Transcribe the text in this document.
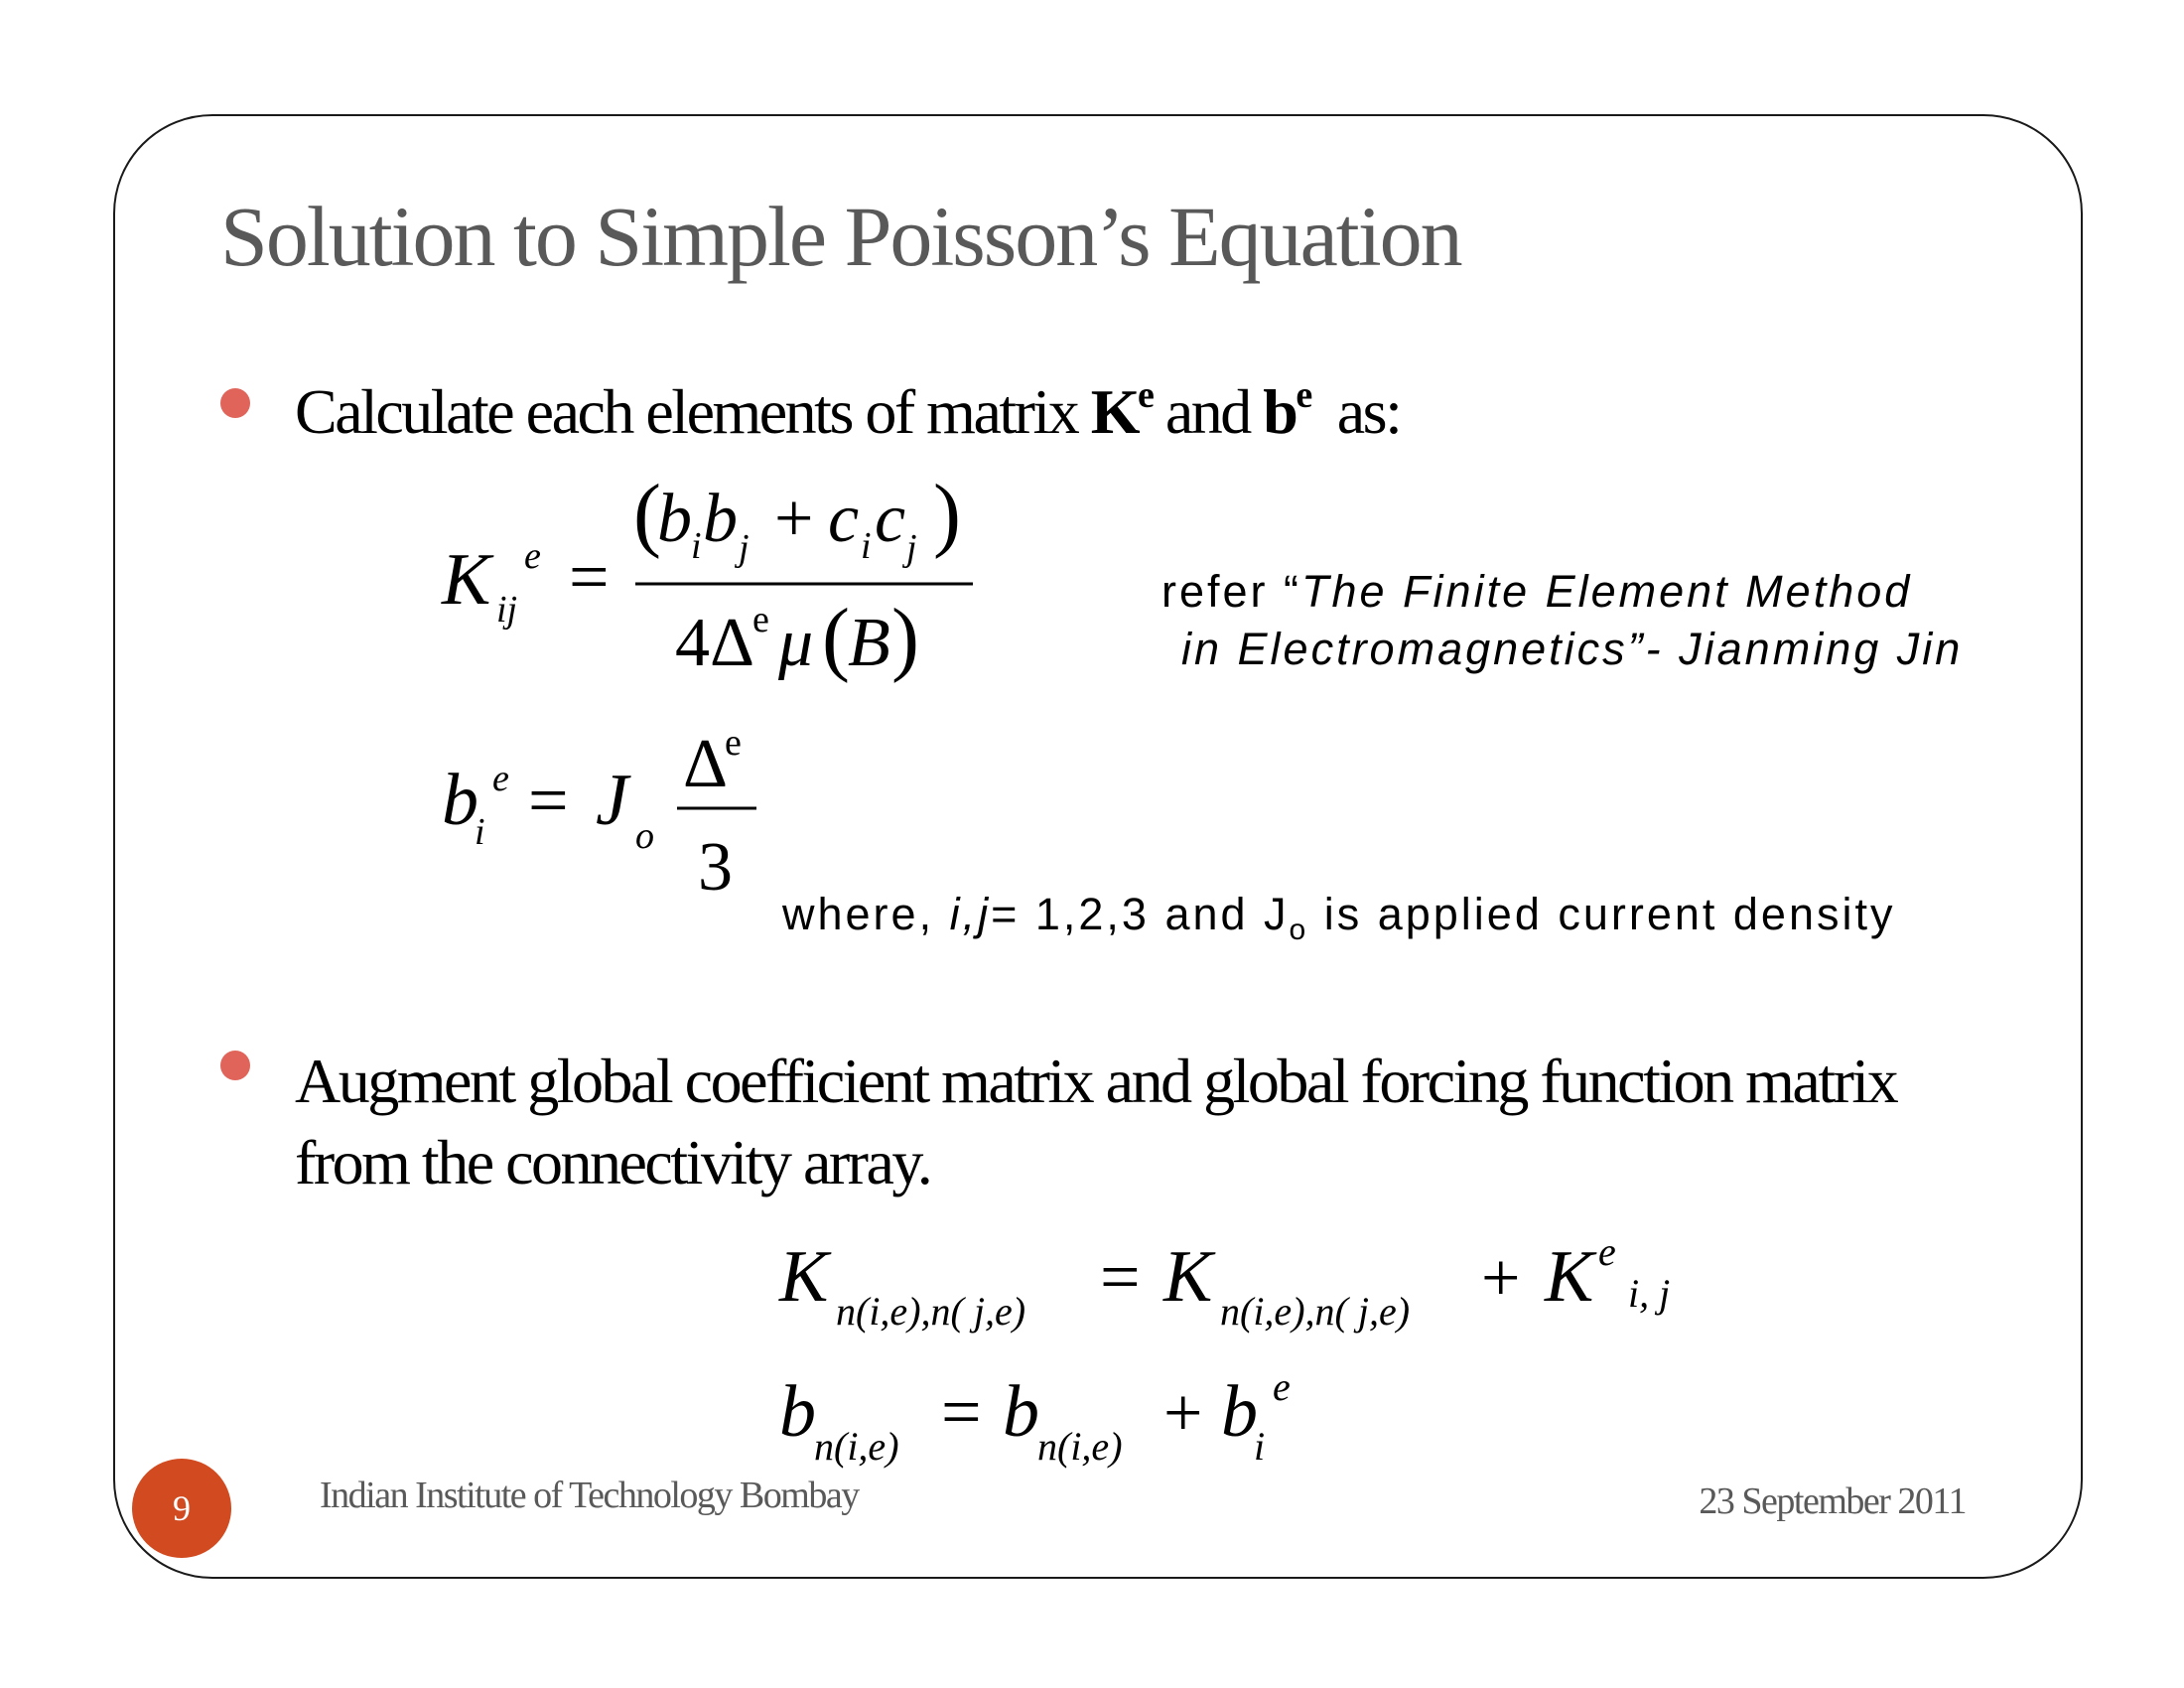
Solution to Simple Poisson’s Equation
Calculate each elements of matrix $K^e$ and $b^e$  as:
K ij
e =
(
b i b j + c i c j )
4Δ
e μ (
B )
refer “The Finite Element Method
in Electromagnetics”- Jianming Jin
b
i
e = J o
Δ
e
3
where, i,j= 1,2,3 and $J_o$ is applied current density
Augment global coefficient matrix and global forcing function matrix
from the connectivity array.
K n(i,e),n( j,e) = K n(i,e),n( j,e) + K e
i, j
b
n(i,e) = b
n(i,e) + b
i
e
9	Indian Institute of Technology Bombay	23 September 2011
